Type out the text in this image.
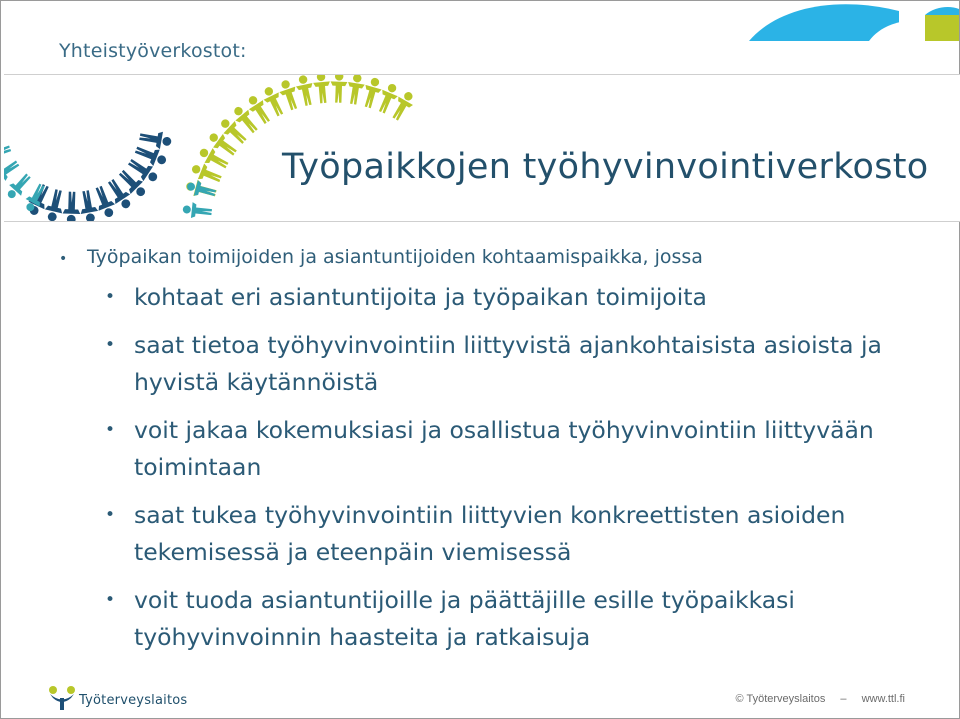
Yhteistyöverkostot:
Työpaikkojen työhyvinvointiverkosto
•	Työpaikan toimijoiden ja asiantuntijoiden kohtaamispaikka, jossa
• kohtaat eri asiantuntijoita ja työpaikan toimijoita
• saat tietoa työhyvinvointiin liittyvistä ajankohtaisista asioista ja hyvistä käytännöistä
• voit jakaa kokemuksiasi ja osallistua työhyvinvointiin liittyvään toimintaan
• saat tukea työhyvinvointiin liittyvien konkreettisten asioiden tekemisessä ja eteenpäin viemisessä
• voit tuoda asiantuntijoille ja päättäjille esille työpaikkasi työhyvinvoinnin haasteita ja ratkaisuja
Työterveyslaitos	© Työterveyslaitos – www.ttl.fi
